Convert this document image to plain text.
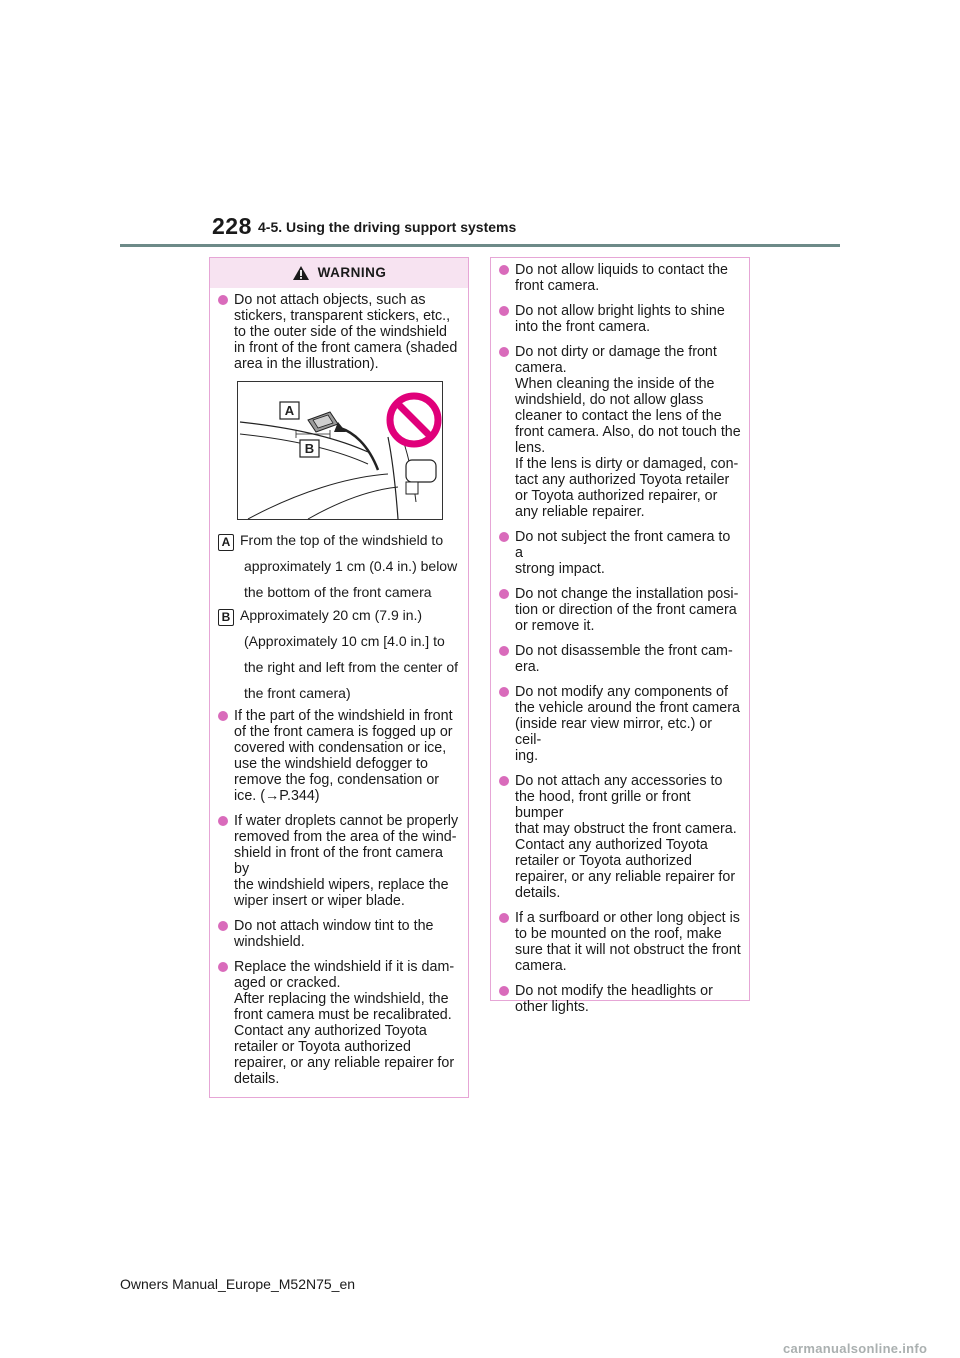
228 4-5. Using the driving support systems
WARNING
Do not attach objects, such as stickers, transparent stickers, etc., to the outer side of the windshield in front of the front camera (shaded area in the illustration).
A
B
A From the top of the windshield to
approximately 1 cm (0.4 in.) below
the bottom of the front camera
B Approximately 20 cm (7.9 in.)
(Approximately 10 cm [4.0 in.] to
the right and left from the center of
the front camera)
If the part of the windshield in front
of the front camera is fogged up or
covered with condensation or ice,
use the windshield defogger to
remove the fog, condensation or
ice. (→P.344)
If water droplets cannot be properly
removed from the area of the wind-
shield in front of the front camera by
the windshield wipers, replace the
wiper insert or wiper blade.
Do not attach window tint to the
windshield.
Replace the windshield if it is dam-
aged or cracked.
After replacing the windshield, the
front camera must be recalibrated.
Contact any authorized Toyota
retailer or Toyota authorized
repairer, or any reliable repairer for
details.
Do not allow liquids to contact the
front camera.
Do not allow bright lights to shine
into the front camera.
Do not dirty or damage the front
camera.
When cleaning the inside of the
windshield, do not allow glass
cleaner to contact the lens of the
front camera. Also, do not touch the
lens.
If the lens is dirty or damaged, con-
tact any authorized Toyota retailer
or Toyota authorized repairer, or
any reliable repairer.
Do not subject the front camera to a
strong impact.
Do not change the installation posi-
tion or direction of the front camera
or remove it.
Do not disassemble the front cam-
era.
Do not modify any components of
the vehicle around the front camera
(inside rear view mirror, etc.) or ceil-
ing.
Do not attach any accessories to
the hood, front grille or front bumper
that may obstruct the front camera.
Contact any authorized Toyota
retailer or Toyota authorized
repairer, or any reliable repairer for
details.
If a surfboard or other long object is
to be mounted on the roof, make
sure that it will not obstruct the front
camera.
Do not modify the headlights or
other lights.
Owners Manual_Europe_M52N75_en
carmanualsonline.info
